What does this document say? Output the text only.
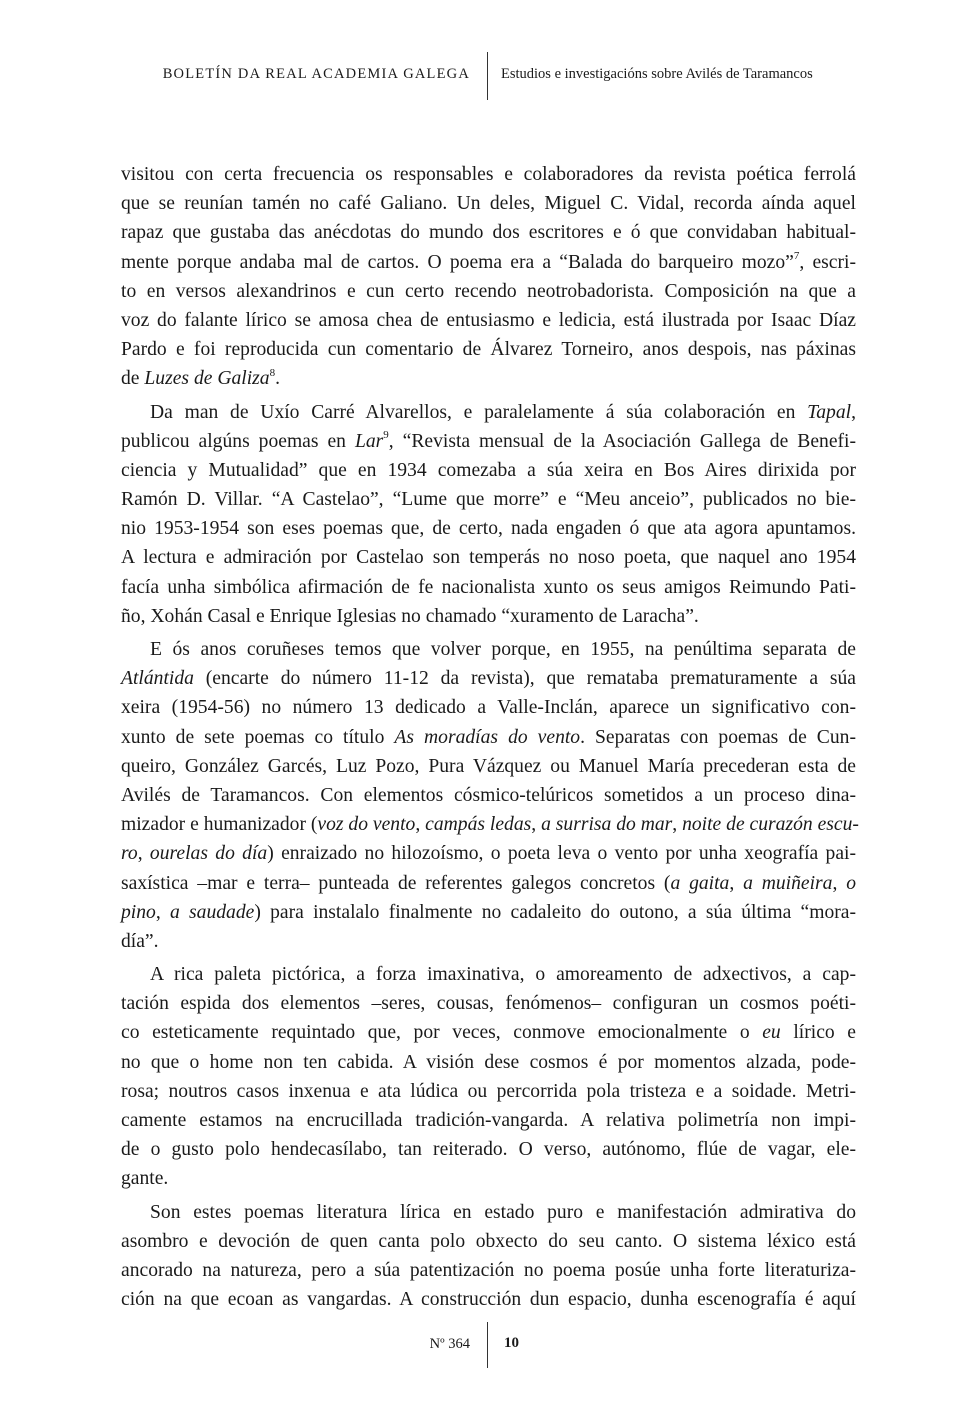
BOLETÍN DA REAL ACADEMIA GALEGA Estudios e investigacións sobre Avilés de Taramancos
visitou con certa frecuencia os responsables e colaboradores da revista poética ferrolá
que se reunían tamén no café Galiano. Un deles, Miguel C. Vidal, recorda aínda aquel
rapaz que gustaba das anécdotas do mundo dos escritores e ó que convidaban habitual-
mente porque andaba mal de cartos. O poema era a “Balada do barqueiro mozo”$^7$, escri-
to en versos alexandrinos e cun certo recendo neotrobadorista. Composición na que a
voz do falante lírico se amosa chea de entusiasmo e ledicia, está ilustrada por Isaac Díaz
Pardo e foi reproducida cun comentario de Álvarez Torneiro, anos despois, nas páxinas
de Luzes de Galiza$^8$.
Da man de Uxío Carré Alvarellos, e paralelamente á súa colaboración en Tapal,
publicou algúns poemas en Lar$^9$, “Revista mensual de la Asociación Gallega de Benefi-
ciencia y Mutualidad” que en 1934 comezaba a súa xeira en Bos Aires dirixida por
Ramón D. Villar. “A Castelao”, “Lume que morre” e “Meu anceio”, publicados no bie-
nio 1953-1954 son eses poemas que, de certo, nada engaden ó que ata agora apuntamos.
A lectura e admiración por Castelao son temperás no noso poeta, que naquel ano 1954
facía unha simbólica afirmación de fe nacionalista xunto os seus amigos Reimundo Pati-
ño, Xohán Casal e Enrique Iglesias no chamado “xuramento de Laracha”.
E ós anos coruñeses temos que volver porque, en 1955, na penúltima separata de
Atlántida (encarte do número 11-12 da revista), que remataba prematuramente a súa
xeira (1954-56) no número 13 dedicado a Valle-Inclán, aparece un significativo con-
xunto de sete poemas co título As moradías do vento. Separatas con poemas de Cun-
queiro, González Garcés, Luz Pozo, Pura Vázquez ou Manuel María precederan esta de
Avilés de Taramancos. Con elementos cósmico-telúricos sometidos a un proceso dina-
mizador e humanizador (voz do vento, campás ledas, a surrisa do mar, noite de curazón escu-
ro, ourelas do día) enraizado no hilozoísmo, o poeta leva o vento por unha xeografía pai-
saxística –mar e terra– punteada de referentes galegos concretos (a gaita, a muiñeira, o
pino, a saudade) para instalalo finalmente no cadaleito do outono, a súa última “mora-
día”.
A rica paleta pictórica, a forza imaxinativa, o amoreamento de adxectivos, a cap-
tación espida dos elementos –seres, cousas, fenómenos– configuran un cosmos poéti-
co esteticamente requintado que, por veces, conmove emocionalmente o eu lírico e
no que o home non ten cabida. A visión dese cosmos é por momentos alzada, pode-
rosa; noutros casos inxenua e ata lúdica ou percorrida pola tristeza e a soidade. Metri-
camente estamos na encrucillada tradición-vangarda. A relativa polimetría non impi-
de o gusto polo hendecasílabo, tan reiterado. O verso, autónomo, flúe de vagar, ele-
gante.
Son estes poemas literatura lírica en estado puro e manifestación admirativa do
asombro e devoción de quen canta polo obxecto do seu canto. O sistema léxico está
ancorado na natureza, pero a súa patentización no poema posúe unha forte literaturiza-
ción na que ecoan as vangardas. A construcción dun espacio, dunha escenografía é aquí
Nº 364 10
